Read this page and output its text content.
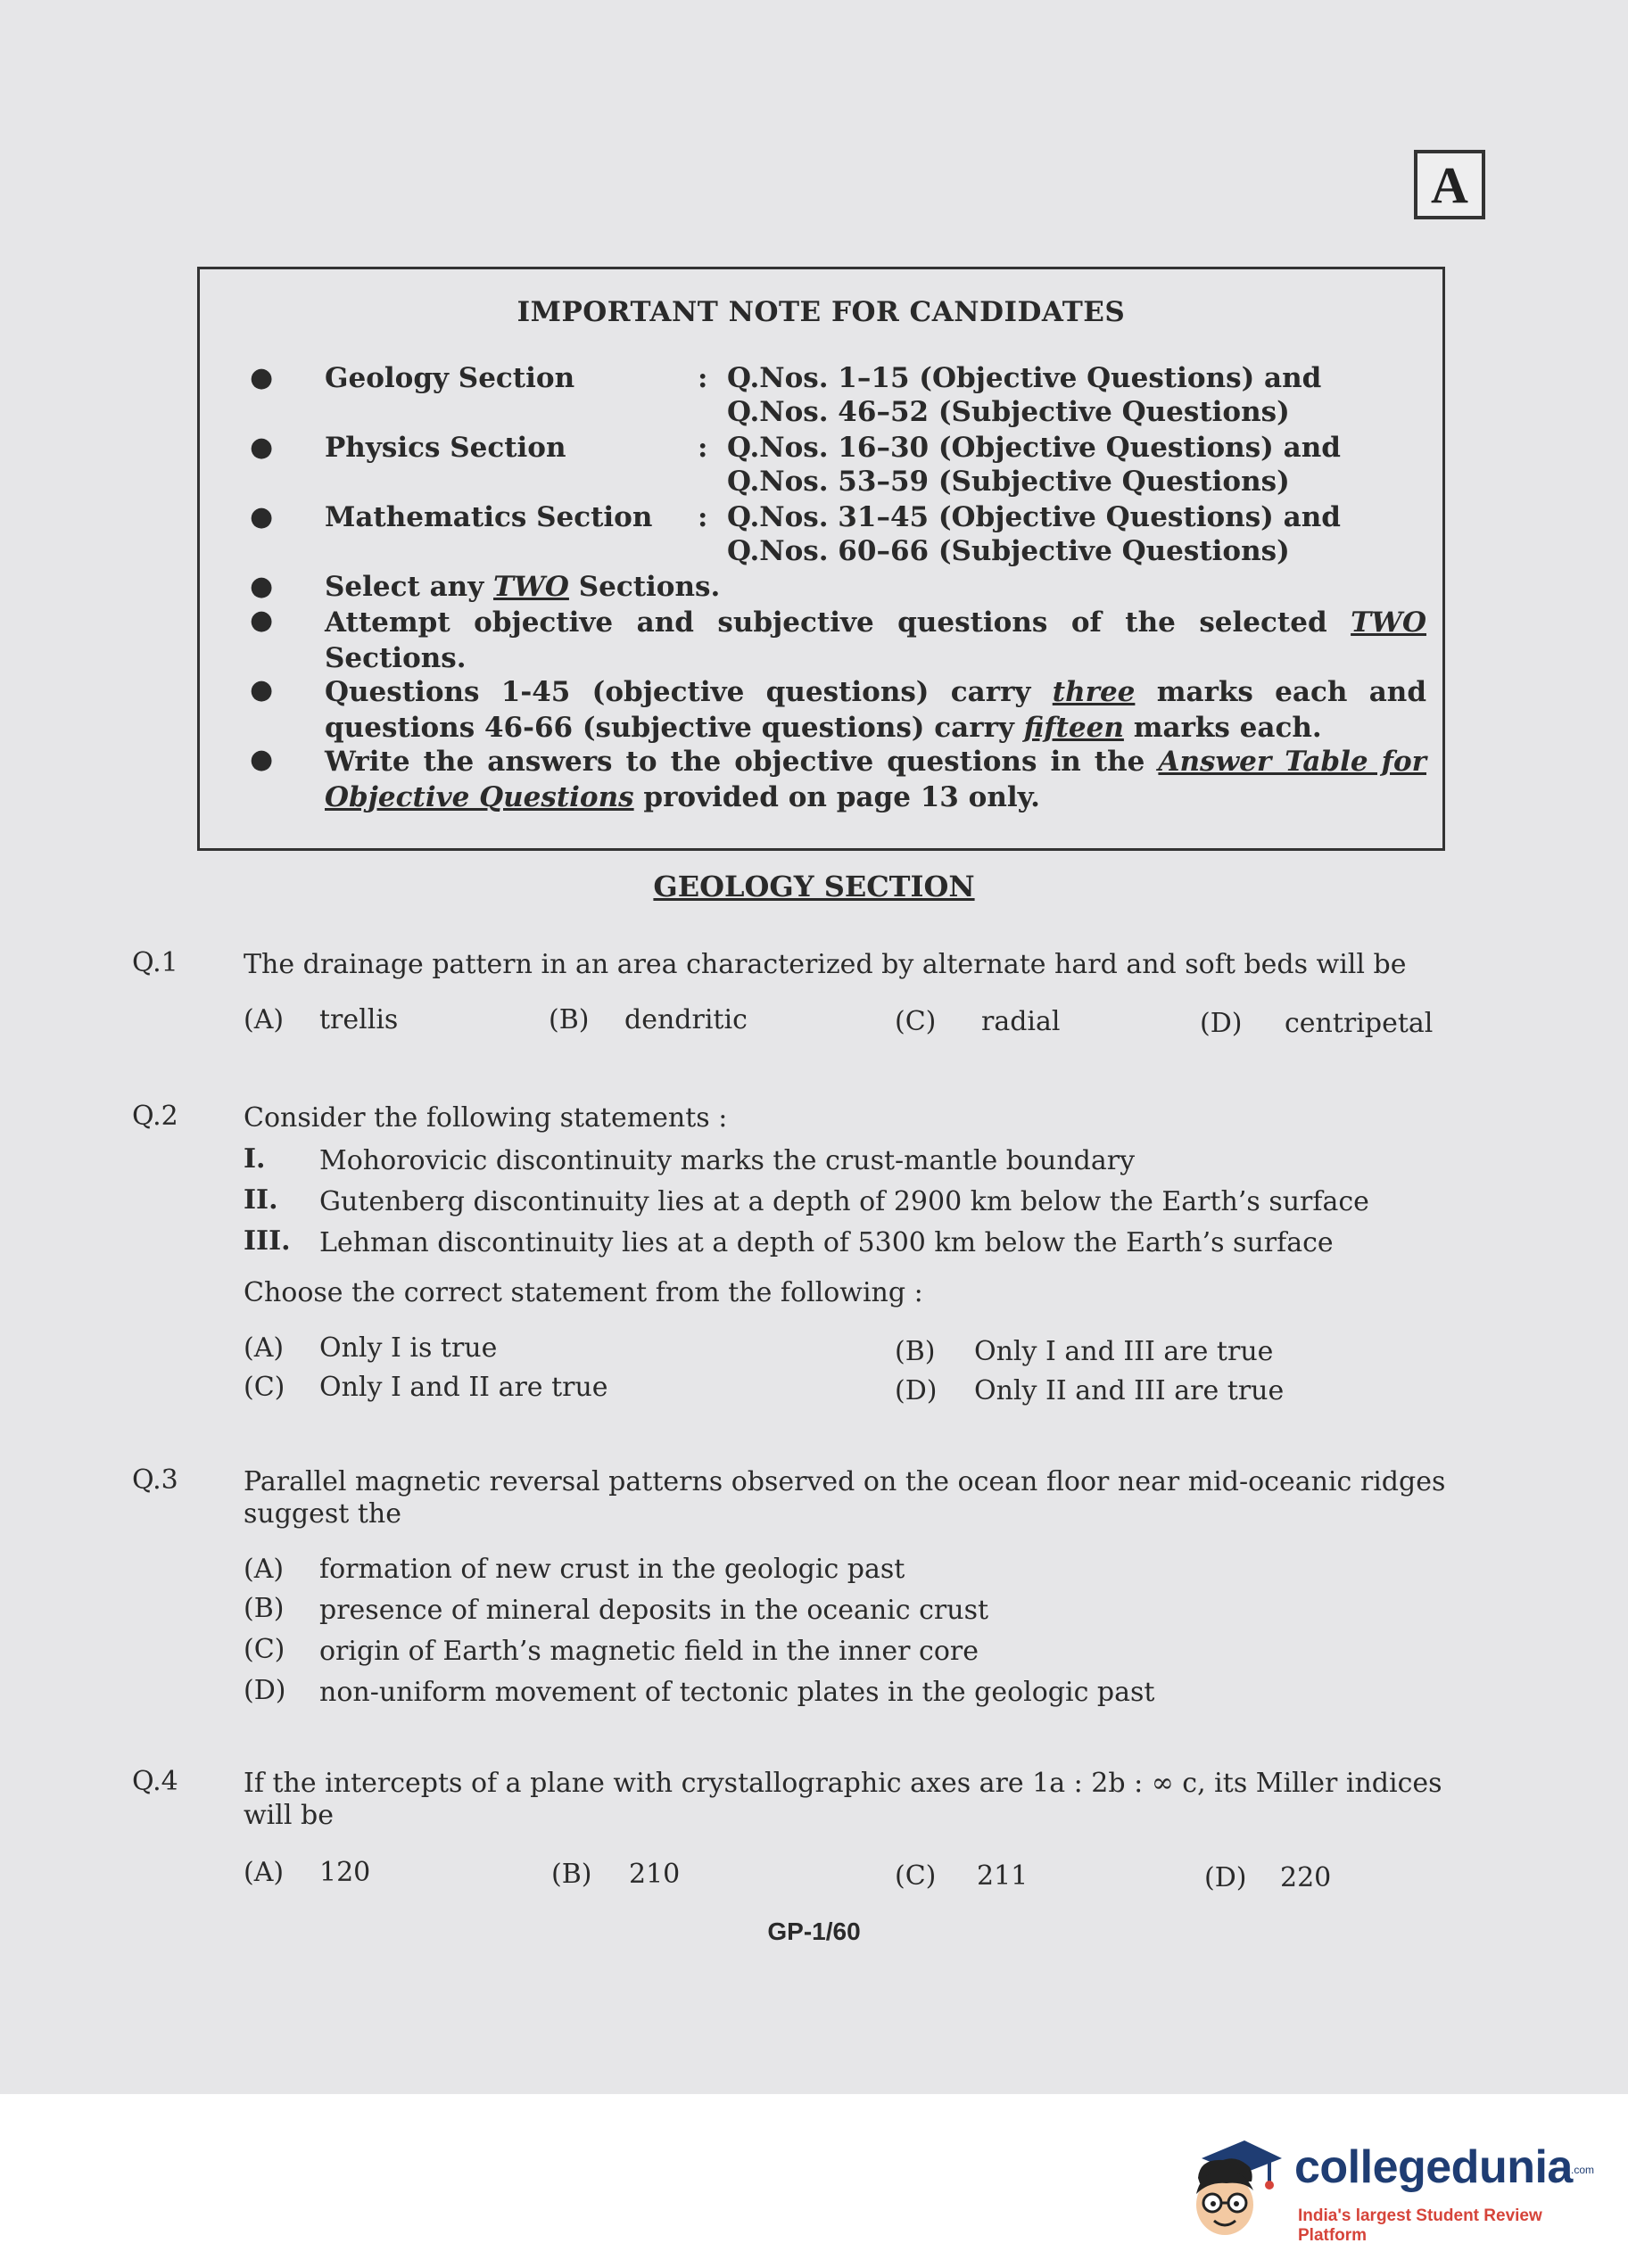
A
IMPORTANT NOTE FOR CANDIDATES
● Geology Section	: Q.Nos. 1–15 (Objective Questions) and
Q.Nos. 46–52 (Subjective Questions)
● Physics Section	: Q.Nos. 16–30 (Objective Questions) and
Q.Nos. 53–59 (Subjective Questions)
● Mathematics Section : Q.Nos. 31–45 (Objective Questions) and
Q.Nos. 60–66 (Subjective Questions)
● Select any TWO Sections.
● Attempt objective and subjective questions of the selected TWO Sections.
● Questions 1-45 (objective questions) carry three marks each and questions 46-66 (subjective questions) carry fifteen marks each.
● Write the answers to the objective questions in the Answer Table for Objective Questions provided on page 13 only.
GEOLOGY SECTION
Q.1 The drainage pattern in an area characterized by alternate hard and soft beds will be
(A) trellis	(B) dendritic	(C) radial	(D) centripetal
Q.2 Consider the following statements :
I. Mohorovicic discontinuity marks the crust-mantle boundary
II. Gutenberg discontinuity lies at a depth of 2900 km below the Earth’s surface
III. Lehman discontinuity lies at a depth of 5300 km below the Earth’s surface
Choose the correct statement from the following :
(A) Only I is true	(B) Only I and III are true
(C) Only I and II are true	(D) Only II and III are true
Q.3 Parallel magnetic reversal patterns observed on the ocean floor near mid-oceanic ridges
suggest the
(A) formation of new crust in the geologic past
(B) presence of mineral deposits in the oceanic crust
(C) origin of Earth’s magnetic field in the inner core
(D) non-uniform movement of tectonic plates in the geologic past
Q.4 If the intercepts of a plane with crystallographic axes are 1a : 2b : ∞ c, its Miller indices
will be
(A) 120	(B) 210	(C) 211	(D) 220
GP-1/60
collegedunia
.com
India's largest Student Review Platform
